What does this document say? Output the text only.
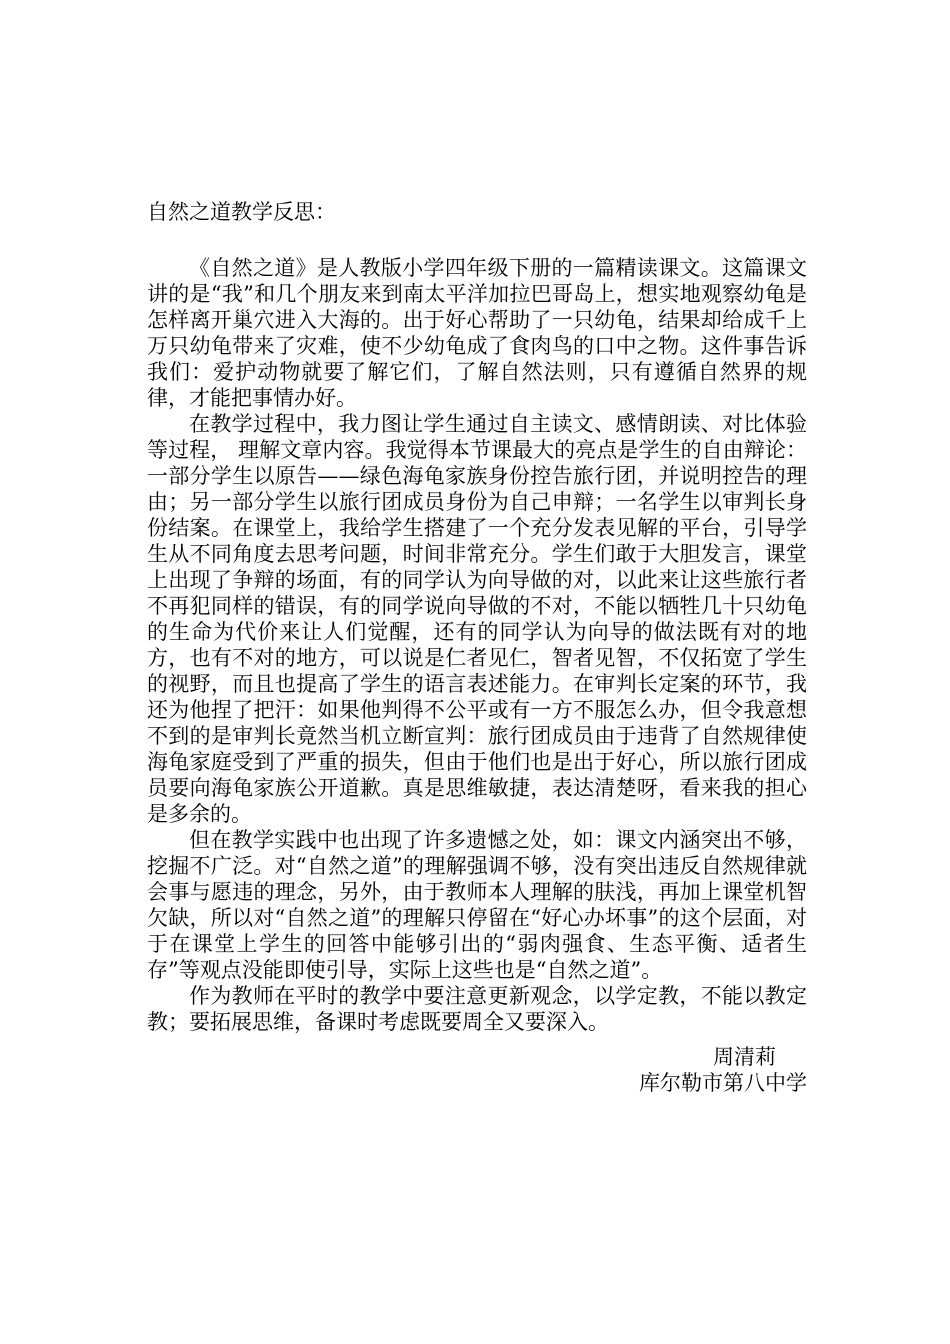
自然之道教学反思：

《自然之道》是人教版小学四年级下册的一篇精读课文。这篇课文讲的是“我”和几个朋友来到南太平洋加拉巴哥岛上，想实地观察幼龟是怎样离开巢穴进入大海的。出于好心帮助了一只幼龟，结果却给成千上万只幼龟带来了灾难，使不少幼龟成了食肉鸟的口中之物。这件事告诉我们：爱护动物就要了解它们，了解自然法则，只有遵循自然界的规律，才能把事情办好。

在教学过程中，我力图让学生通过自主读文、感情朗读、对比体验等过程， 理解文章内容。我觉得本节课最大的亮点是学生的自由辩论：一部分学生以原告——绿色海龟家族身份控告旅行团，并说明控告的理由；另一部分学生以旅行团成员身份为自己申辩；一名学生以审判长身份结案。在课堂上，我给学生搭建了一个充分发表见解的平台，引导学生从不同角度去思考问题，时间非常充分。学生们敢于大胆发言，课堂上出现了争辩的场面，有的同学认为向导做的对，以此来让这些旅行者不再犯同样的错误，有的同学说向导做的不对，不能以牺牲几十只幼龟的生命为代价来让人们觉醒，还有的同学认为向导的做法既有对的地方，也有不对的地方，可以说是仁者见仁，智者见智，不仅拓宽了学生的视野，而且也提高了学生的语言表述能力。在审判长定案的环节，我还为他捏了把汗：如果他判得不公平或有一方不服怎么办，但令我意想不到的是审判长竟然当机立断宣判：旅行团成员由于违背了自然规律使海龟家庭受到了严重的损失，但由于他们也是出于好心，所以旅行团成员要向海龟家族公开道歉。真是思维敏捷，表达清楚呀，看来我的担心是多余的。

但在教学实践中也出现了许多遗憾之处，如：课文内涵突出不够，挖掘不广泛。对“自然之道”的理解强调不够，没有突出违反自然规律就会事与愿违的理念，另外，由于教师本人理解的肤浅，再加上课堂机智欠缺，所以对“自然之道”的理解只停留在“好心办坏事”的这个层面，对于在课堂上学生的回答中能够引出的“弱肉强食、生态平衡、适者生存”等观点没能即使引导，实际上这些也是“自然之道”。

作为教师在平时的教学中要注意更新观念，以学定教，不能以教定教；要拓展思维，备课时考虑既要周全又要深入。

周清莉

库尔勒市第八中学
